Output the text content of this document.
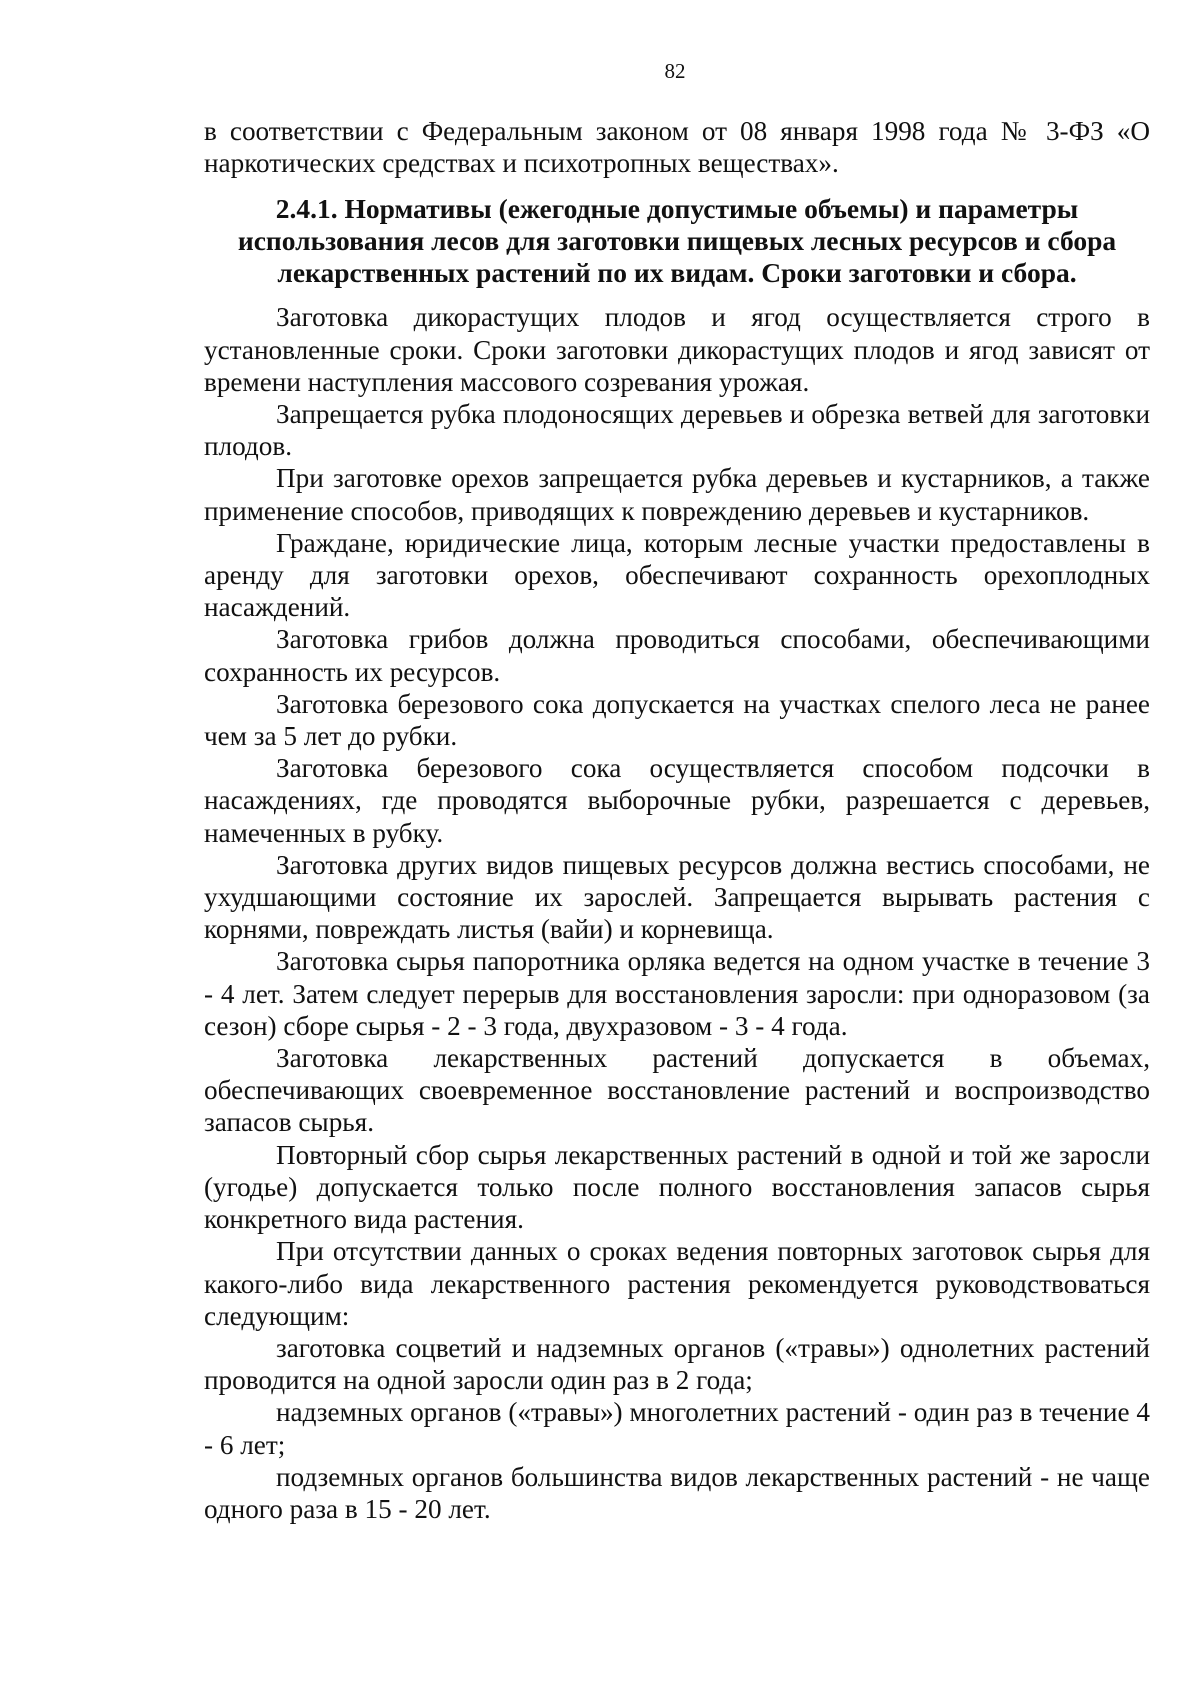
82

в соответствии с Федеральным законом от 08 января 1998 года № 3-ФЗ «О наркотических средствах и психотропных веществах».

2.4.1. Нормативы (ежегодные допустимые объемы) и параметры использования лесов для заготовки пищевых лесных ресурсов и сбора лекарственных растений по их видам. Сроки заготовки и сбора.

Заготовка дикорастущих плодов и ягод осуществляется строго в установленные сроки. Сроки заготовки дикорастущих плодов и ягод зависят от времени наступления массового созревания урожая.

Запрещается рубка плодоносящих деревьев и обрезка ветвей для заготовки плодов.

При заготовке орехов запрещается рубка деревьев и кустарников, а также применение способов, приводящих к повреждению деревьев и кустарников.

Граждане, юридические лица, которым лесные участки предоставлены в аренду для заготовки орехов, обеспечивают сохранность орехоплодных насаждений.

Заготовка грибов должна проводиться способами, обеспечивающими сохранность их ресурсов.

Заготовка березового сока допускается на участках спелого леса не ранее чем за 5 лет до рубки.

Заготовка березового сока осуществляется способом подсочки в насаждениях, где проводятся выборочные рубки, разрешается с деревьев, намеченных в рубку.

Заготовка других видов пищевых ресурсов должна вестись способами, не ухудшающими состояние их зарослей. Запрещается вырывать растения с корнями, повреждать листья (вайи) и корневища.

Заготовка сырья папоротника орляка ведется на одном участке в течение 3 - 4 лет. Затем следует перерыв для восстановления заросли: при одноразовом (за сезон) сборе сырья - 2 - 3 года, двухразовом - 3 - 4 года.

Заготовка лекарственных растений допускается в объемах, обеспечивающих своевременное восстановление растений и воспроизводство запасов сырья.

Повторный сбор сырья лекарственных растений в одной и той же заросли (угодье) допускается только после полного восстановления запасов сырья конкретного вида растения.

При отсутствии данных о сроках ведения повторных заготовок сырья для какого-либо вида лекарственного растения рекомендуется руководствоваться следующим:

заготовка соцветий и надземных органов («травы») однолетних растений проводится на одной заросли один раз в 2 года;

надземных органов («травы») многолетних растений - один раз в течение 4 - 6 лет;

подземных органов большинства видов лекарственных растений - не чаще одного раза в 15 - 20 лет.
